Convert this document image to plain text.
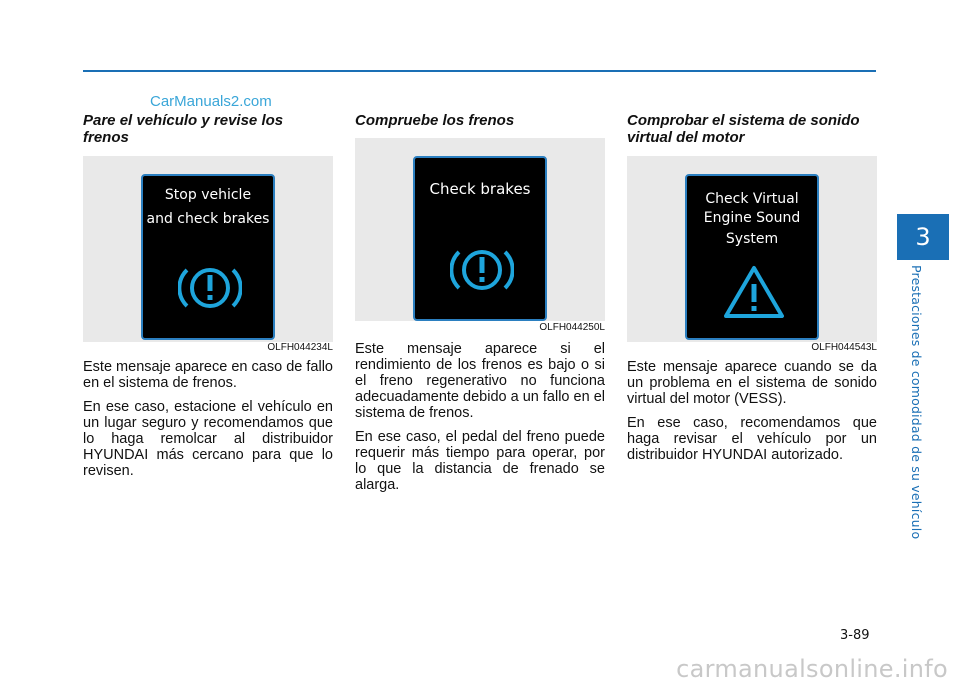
CarManuals2.com

Pare el vehículo y revise los frenos

Stop vehicle
and check brakes
OLFH044234L

Este mensaje aparece en caso de fallo en el sistema de frenos.

En ese caso, estacione el vehículo en un lugar seguro y recomendamos que lo haga remolcar al distribuidor HYUNDAI más cercano para que lo revisen.

Compruebe los frenos

Check brakes
OLFH044250L

Este mensaje aparece si el rendimiento de los frenos es bajo o si el freno regenerativo no funciona adecuadamente debido a un fallo en el sistema de frenos.

En ese caso, el pedal del freno puede requerir más tiempo para operar, por lo que la distancia de frenado se alarga.

Comprobar el sistema de sonido virtual del motor

Check Virtual
Engine Sound
System
OLFH044543L

Este mensaje aparece cuando se da un problema en el sistema de sonido virtual del motor (VESS).

En ese caso, recomendamos que haga revisar el vehículo por un distribuidor HYUNDAI autorizado.

3
Prestaciones de comodidad de su vehículo
3-89
carmanualsonline.info
